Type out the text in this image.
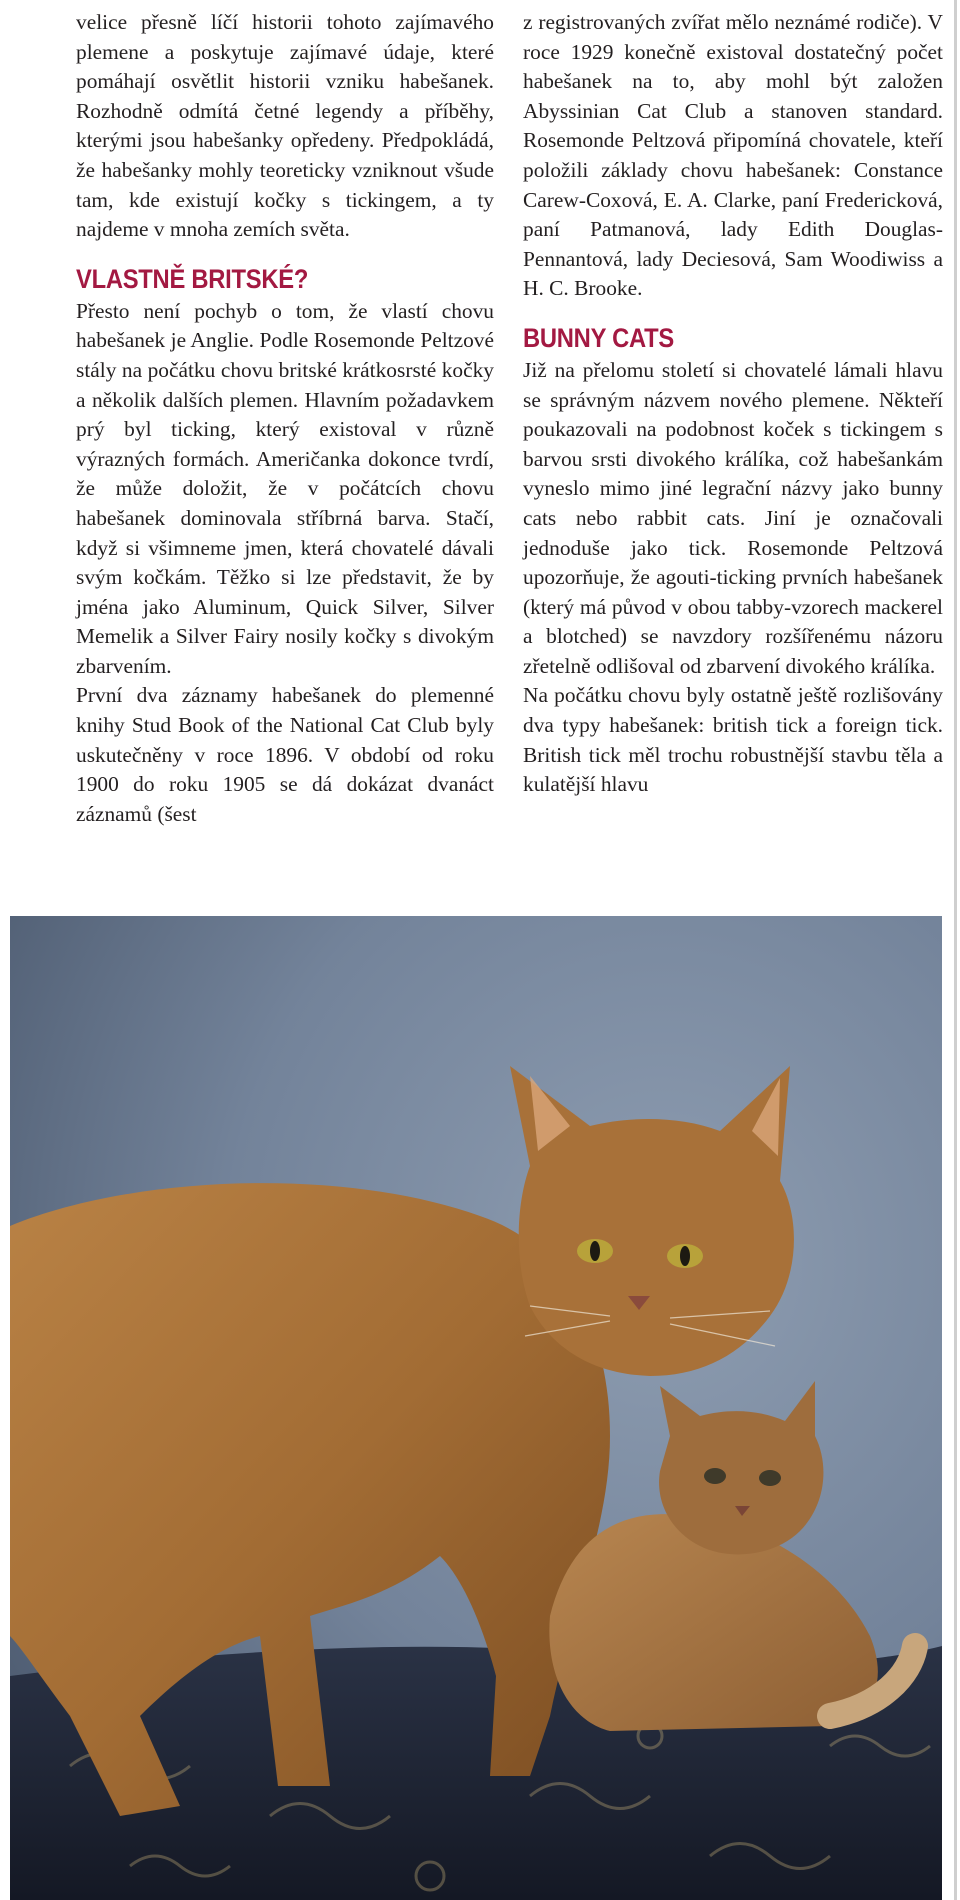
velice přesně líčí historii tohoto zajímavého plemene a poskytuje zajímavé údaje, které pomáhají osvětlit historii vzniku habešanek. Rozhodně odmítá četné legendy a příběhy, kterými jsou habešanky opředeny. Předpokládá, že habešanky mohly teoreticky vzniknout všude tam, kde existují kočky s tickingem, a ty najdeme v mnoha zemích světa.

VLASTNĚ BRITSKÉ?

Přesto není pochyb o tom, že vlastí chovu habešanek je Anglie. Podle Rosemonde Peltzové stály na počátku chovu britské krátkosrsté kočky a několik dalších plemen. Hlavním požadavkem prý byl ticking, který existoval v různě výrazných formách. Američanka dokonce tvrdí, že může doložit, že v počátcích chovu habešanek dominovala stříbrná barva. Stačí, když si všimneme jmen, která chovatelé dávali svým kočkám. Těžko si lze představit, že by jména jako Aluminum, Quick Silver, Silver Memelik a Silver Fairy nosily kočky s divokým zbarvením.

První dva záznamy habešanek do plemenné knihy Stud Book of the National Cat Club byly uskutečněny v roce 1896. V období od roku 1900 do roku 1905 se dá dokázat dvanáct záznamů (šest

z registrovaných zvířat mělo neznámé rodiče). V roce 1929 konečně existoval dostatečný počet habešanek na to, aby mohl být založen Abyssinian Cat Club a stanoven standard. Rosemonde Peltzová připomíná chovatele, kteří položili základy chovu habešanek: Constance Carew-Coxová, E. A. Clarke, paní Fredericková, paní Patmanová, lady Edith Douglas-Pennantová, lady Deciesová, Sam Woodiwiss a H. C. Brooke.

BUNNY CATS

Již na přelomu století si chovatelé lámali hlavu se správným názvem nového plemene. Někteří poukazovali na podobnost koček s tickingem s barvou srsti divokého králíka, což habešankám vyneslo mimo jiné legrační názvy jako bunny cats nebo rabbit cats. Jiní je označovali jednoduše jako tick. Rosemonde Peltzová upozorňuje, že agouti-ticking prvních habešanek (který má původ v obou tabby-vzorech mackerel a blotched) se navzdory rozšířenému názoru zřetelně odlišoval od zbarvení divokého králíka.

Na počátku chovu byly ostatně ještě rozlišovány dva typy habešanek: british tick a foreign tick. British tick měl trochu robustnější stavbu těla a kulatější hlavu
